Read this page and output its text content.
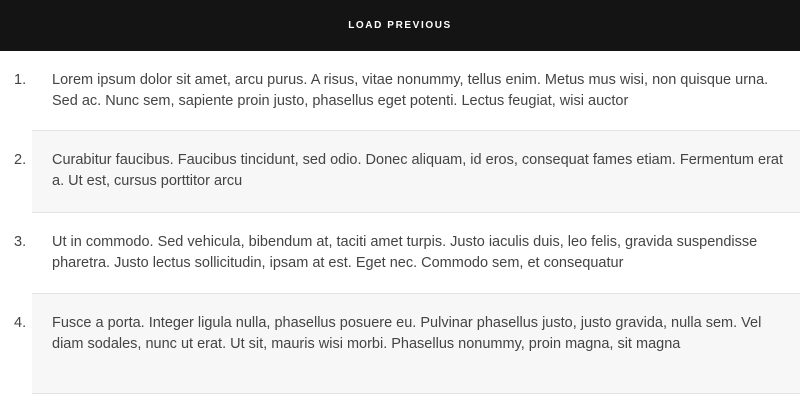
LOAD PREVIOUS
1. Lorem ipsum dolor sit amet, arcu purus. A risus, vitae nonummy, tellus enim. Metus mus wisi, non quisque urna. Sed ac. Nunc sem, sapiente proin justo, phasellus eget potenti. Lectus feugiat, wisi auctor
2. Curabitur faucibus. Faucibus tincidunt, sed odio. Donec aliquam, id eros, consequat fames etiam. Fermentum erat a. Ut est, cursus porttitor arcu
3. Ut in commodo. Sed vehicula, bibendum at, taciti amet turpis. Justo iaculis duis, leo felis, gravida suspendisse pharetra. Justo lectus sollicitudin, ipsam at est. Eget nec. Commodo sem, et consequatur
4. Fusce a porta. Integer ligula nulla, phasellus posuere eu. Pulvinar phasellus justo, justo gravida, nulla sem. Vel diam sodales, nunc ut erat. Ut sit, mauris wisi morbi. Phasellus nonummy, proin magna, sit magna
